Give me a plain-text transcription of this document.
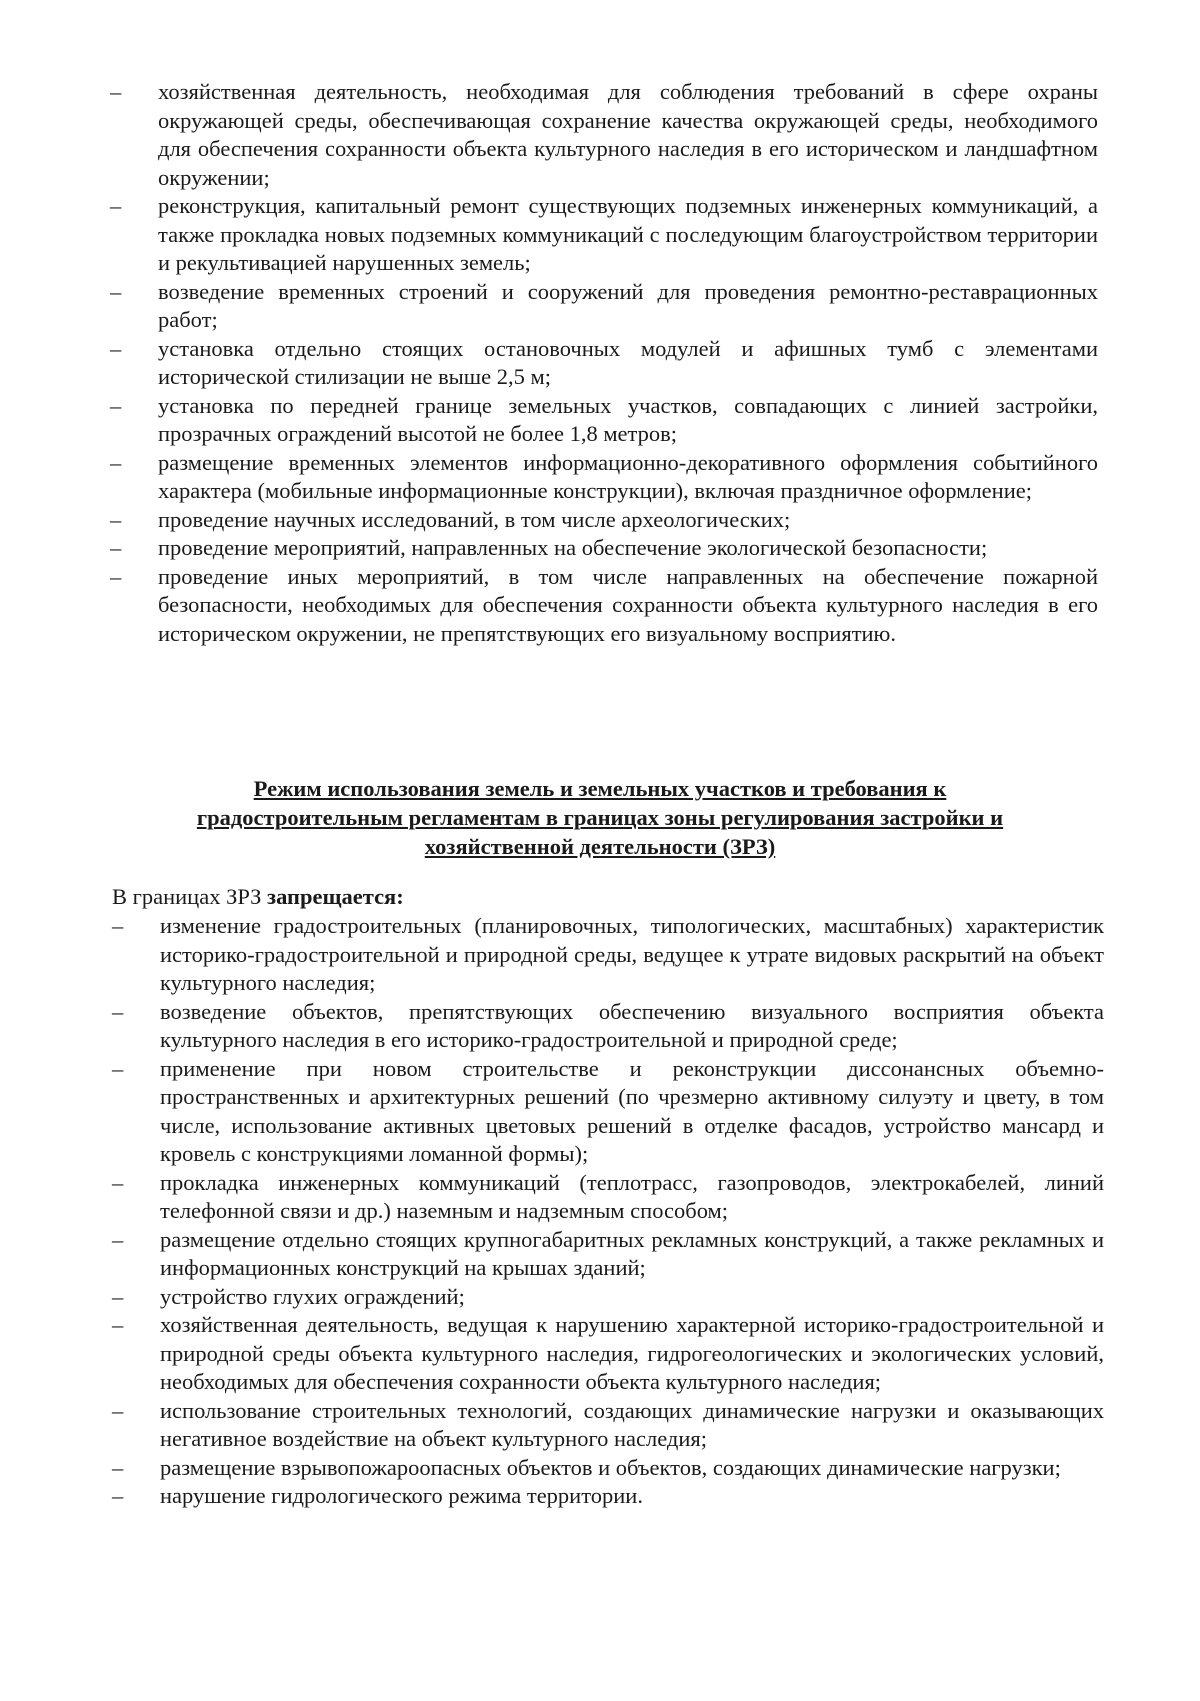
– хозяйственная деятельность, необходимая для соблюдения требований в сфере охраны окружающей среды, обеспечивающая сохранение качества окружающей среды, необходимого для обеспечения сохранности объекта культурного наследия в его историческом и ландшафтном окружении;
– реконструкция, капитальный ремонт существующих подземных инженерных коммуникаций, а также прокладка новых подземных коммуникаций с последующим благоустройством территории и рекультивацией нарушенных земель;
– возведение временных строений и сооружений для проведения ремонтно-реставрационных работ;
– установка отдельно стоящих остановочных модулей и афишных тумб с элементами исторической стилизации не выше 2,5 м;
– установка по передней границе земельных участков, совпадающих с линией застройки, прозрачных ограждений высотой не более 1,8 метров;
– размещение временных элементов информационно-декоративного оформления событийного характера (мобильные информационные конструкции), включая праздничное оформление;
– проведение научных исследований, в том числе археологических;
– проведение мероприятий, направленных на обеспечение экологической безопасности;
– проведение иных мероприятий, в том числе направленных на обеспечение пожарной безопасности, необходимых для обеспечения сохранности объекта культурного наследия в его историческом окружении, не препятствующих его визуальному восприятию.
Режим использования земель и земельных участков и требования к
градостроительным регламентам в границах зоны регулирования застройки и
хозяйственной деятельности (ЗРЗ)
В границах ЗРЗ запрещается:
– изменение градостроительных (планировочных, типологических, масштабных) характеристик историко-градостроительной и природной среды, ведущее к утрате видовых раскрытий на объект культурного наследия;
– возведение объектов, препятствующих обеспечению визуального восприятия объекта культурного наследия в его историко-градостроительной и природной среде;
– применение при новом строительстве и реконструкции диссонансных объемно-пространственных и архитектурных решений (по чрезмерно активному силуэту и цвету, в том числе, использование активных цветовых решений в отделке фасадов, устройство мансард и кровель с конструкциями ломанной формы);
– прокладка инженерных коммуникаций (теплотрасс, газопроводов, электрокабелей, линий телефонной связи и др.) наземным и надземным способом;
– размещение отдельно стоящих крупногабаритных рекламных конструкций, а также рекламных и информационных конструкций на крышах зданий;
– устройство глухих ограждений;
– хозяйственная деятельность, ведущая к нарушению характерной историко-градостроительной и природной среды объекта культурного наследия, гидрогеологических и экологических условий, необходимых для обеспечения сохранности объекта культурного наследия;
– использование строительных технологий, создающих динамические нагрузки и оказывающих негативное воздействие на объект культурного наследия;
– размещение взрывопожароопасных объектов и объектов, создающих динамические нагрузки;
– нарушение гидрологического режима территории.
